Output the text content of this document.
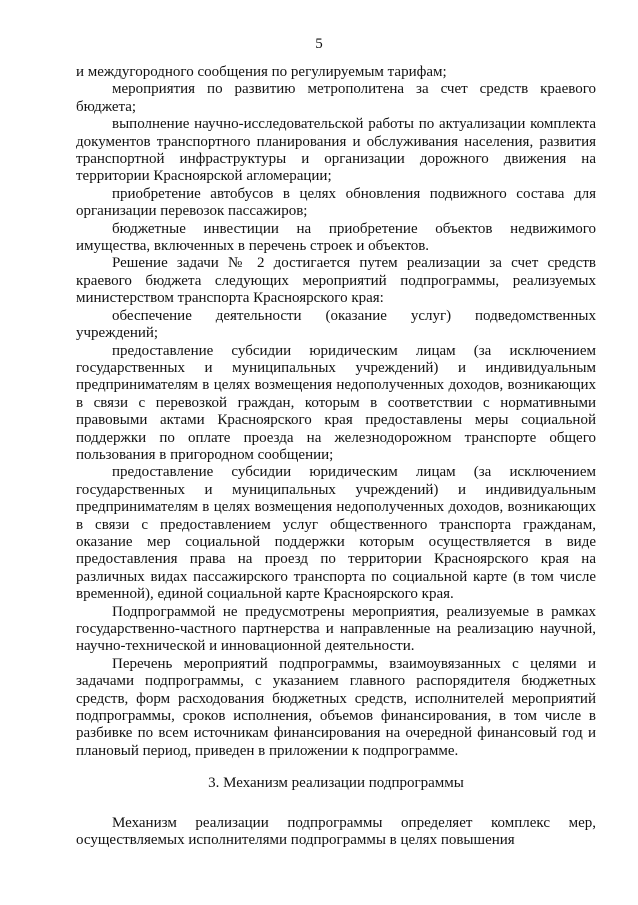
5

и междугородного сообщения по регулируемым тарифам;

мероприятия по развитию метрополитена за счет средств краевого бюджета;

выполнение научно-исследовательской работы по актуализации комплекта документов транспортного планирования и обслуживания населения, развития транспортной инфраструктуры и организации дорожного движения на территории Красноярской агломерации;

приобретение автобусов в целях обновления подвижного состава для организации перевозок пассажиров;

бюджетные инвестиции на приобретение объектов недвижимого имущества, включенных в перечень строек и объектов.

Решение задачи № 2 достигается путем реализации за счет средств краевого бюджета следующих мероприятий подпрограммы, реализуемых министерством транспорта Красноярского края:

обеспечение деятельности (оказание услуг) подведомственных учреждений;

предоставление субсидии юридическим лицам (за исключением государственных и муниципальных учреждений) и индивидуальным предпринимателям в целях возмещения недополученных доходов, возникающих в связи с перевозкой граждан, которым в соответствии с нормативными правовыми актами Красноярского края предоставлены меры социальной поддержки по оплате проезда на железнодорожном транспорте общего пользования в пригородном сообщении;

предоставление субсидии юридическим лицам (за исключением государственных и муниципальных учреждений) и индивидуальным предпринимателям в целях возмещения недополученных доходов, возникающих в связи с предоставлением услуг общественного транспорта гражданам, оказание мер социальной поддержки которым осуществляется в виде предоставления права на проезд по территории Красноярского края на различных видах пассажирского транспорта по социальной карте (в том числе временной), единой социальной карте Красноярского края.

Подпрограммой не предусмотрены мероприятия, реализуемые в рамках государственно-частного партнерства и направленные на реализацию научной, научно-технической и инновационной деятельности.

Перечень мероприятий подпрограммы, взаимоувязанных с целями и задачами подпрограммы, с указанием главного распорядителя бюджетных средств, форм расходования бюджетных средств, исполнителей мероприятий подпрограммы, сроков исполнения, объемов финансирования, в том числе в разбивке по всем источникам финансирования на очередной финансовый год и плановый период, приведен в приложении к подпрограмме.

3. Механизм реализации подпрограммы

Механизм реализации подпрограммы определяет комплекс мер, осуществляемых исполнителями подпрограммы в целях повышения
